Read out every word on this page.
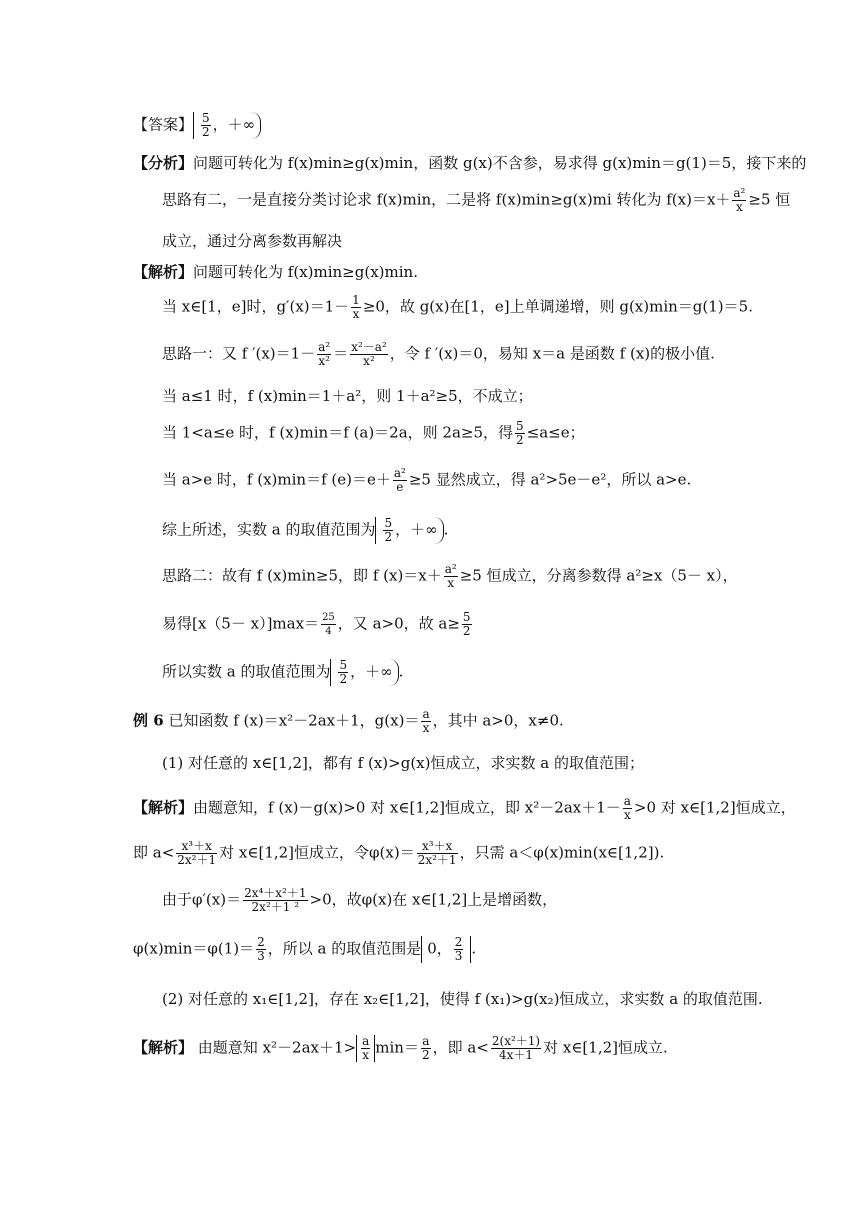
【答案】 $\frac{5}{2}$ ，＋∞
【分析】问题可转化为 f(x)min≥g(x)min，函数 g(x)不含参，易求得 g(x)min＝g(1)＝5，接下来的
思路有二，一是直接分类讨论求 f(x)min，二是将 f(x)min≥g(x)mi 转化为 $f(x)=x+ \frac{\text{a²}}{x} \ge 5$ 恒
成立，通过分离参数再解决
【解析】问题可转化为 f(x)min≥g(x)min.
当 x∈[1，e]时，$g'(x)=1- \frac{1}{x} \ge 0$，故 g(x)在[1，e]上单调递增，则 g(x)min＝g(1)＝5.
思路一：又 f $'(x)=1- \frac{\text{a²}}{\text{x²}} = \frac{\text{x²－a²}}{\text{x²}}$ ，令 f ′(x)＝0，易知 x＝a 是函数 f (x)的极小值.
当 a≤1 时，f (x)min＝1＋a²，则 1＋a²≥5，不成立；
当 1<a≤e 时，f (x)min＝f (a)＝2a，则 2a≥5，得 $\frac{5}{2} \le a\le e$；
当 a>e 时，f (x)min＝f $(e)=e+ \frac{\text{a²}}{e} \ge 5$ 显然成立，得 a²>5e－e²，所以 a>e.
综上所述，实数 a 的取值范围为 $\frac{5}{2}$ ，＋∞ .
思路二：故有 f (x)min≥5，即 f $(x)=x+ \frac{\text{a²}}{x} \ge 5$ 恒成立，分离参数得 a²≥x（5－ x），
易得$[x(5- x)]\max= \frac{25}{4}$ ，又 a>0，故 $a\ge \frac{5}{2}$
所以实数 a 的取值范围为 $\frac{5}{2}$ ，＋∞ .
例 6 已知函数 f (x)＝x²－2ax＋1，$g(x)= \frac{a}{x}$ ，其中 a>0，x≠0.
(1) 对任意的 x∈[1,2]，都有 f (x)>g(x)恒成立，求实数 a 的取值范围；
【解析】由题意知，f (x)－g(x)>0 对 x∈[1,2]恒成立，即 $x^2-2ax+1- \frac{a}{x} >0$ 对 x∈[1,2]恒成立，
即 $a< \frac{\text{x³＋x}}{\text{2x²＋1}}$ 对 x∈[1,2]恒成立，令$\varphi(x)= \frac{\text{x³＋x}}{\text{2x²＋1}}$ ，只需 a＜φ(x)min(x∈[1,2]).
由于$\varphi'(x)= \frac{\text{2x⁴＋x²＋1}}{\text{2x²＋1 ²}} >0$，故φ(x)在 x∈[1,2]上是增函数，
$\varphi(x)\min=\varphi(1)= \frac{2}{3}$ ，所以 a 的取值范围是 0， $\frac{2}{3}$ .
(2) 对任意的 x₁∈[1,2]，存在 x₂∈[1,2]，使得 f (x₁)>g(x₂)恒成立，求实数 a 的取值范围.
【解析】 由题意知 $x^2-2ax+1> \frac{a}{x} \min= \frac{a}{2}$ ，即 $a< \frac{\text{2(x²＋1)}}{4x+1}$ 对 x∈[1,2]恒成立.
